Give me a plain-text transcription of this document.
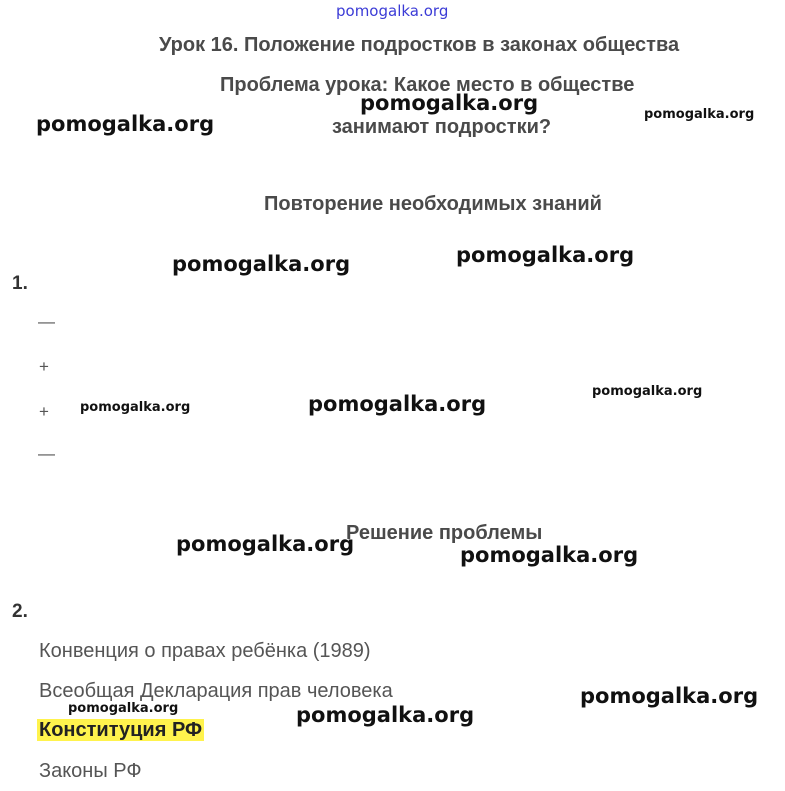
pomogalka.org
Урок 16. Положение подростков в законах общества
Проблема урока: Какое место в обществе
занимают подростки?
Повторение необходимых знаний
1.
—
+
+
—
Решение проблемы
2.
Конвенция о правах ребёнка (1989)
Всеобщая Декларация прав человека
Конституция РФ
Законы РФ
pomogalka.org
pomogalka.org	pomogalka.org
pomogalka.org	pomogalka.org
pomogalka.org	pomogalka.org
pomogalka.org
pomogalka.org	pomogalka.org
pomogalka.org
pomogalka.org	pomogalka.org
